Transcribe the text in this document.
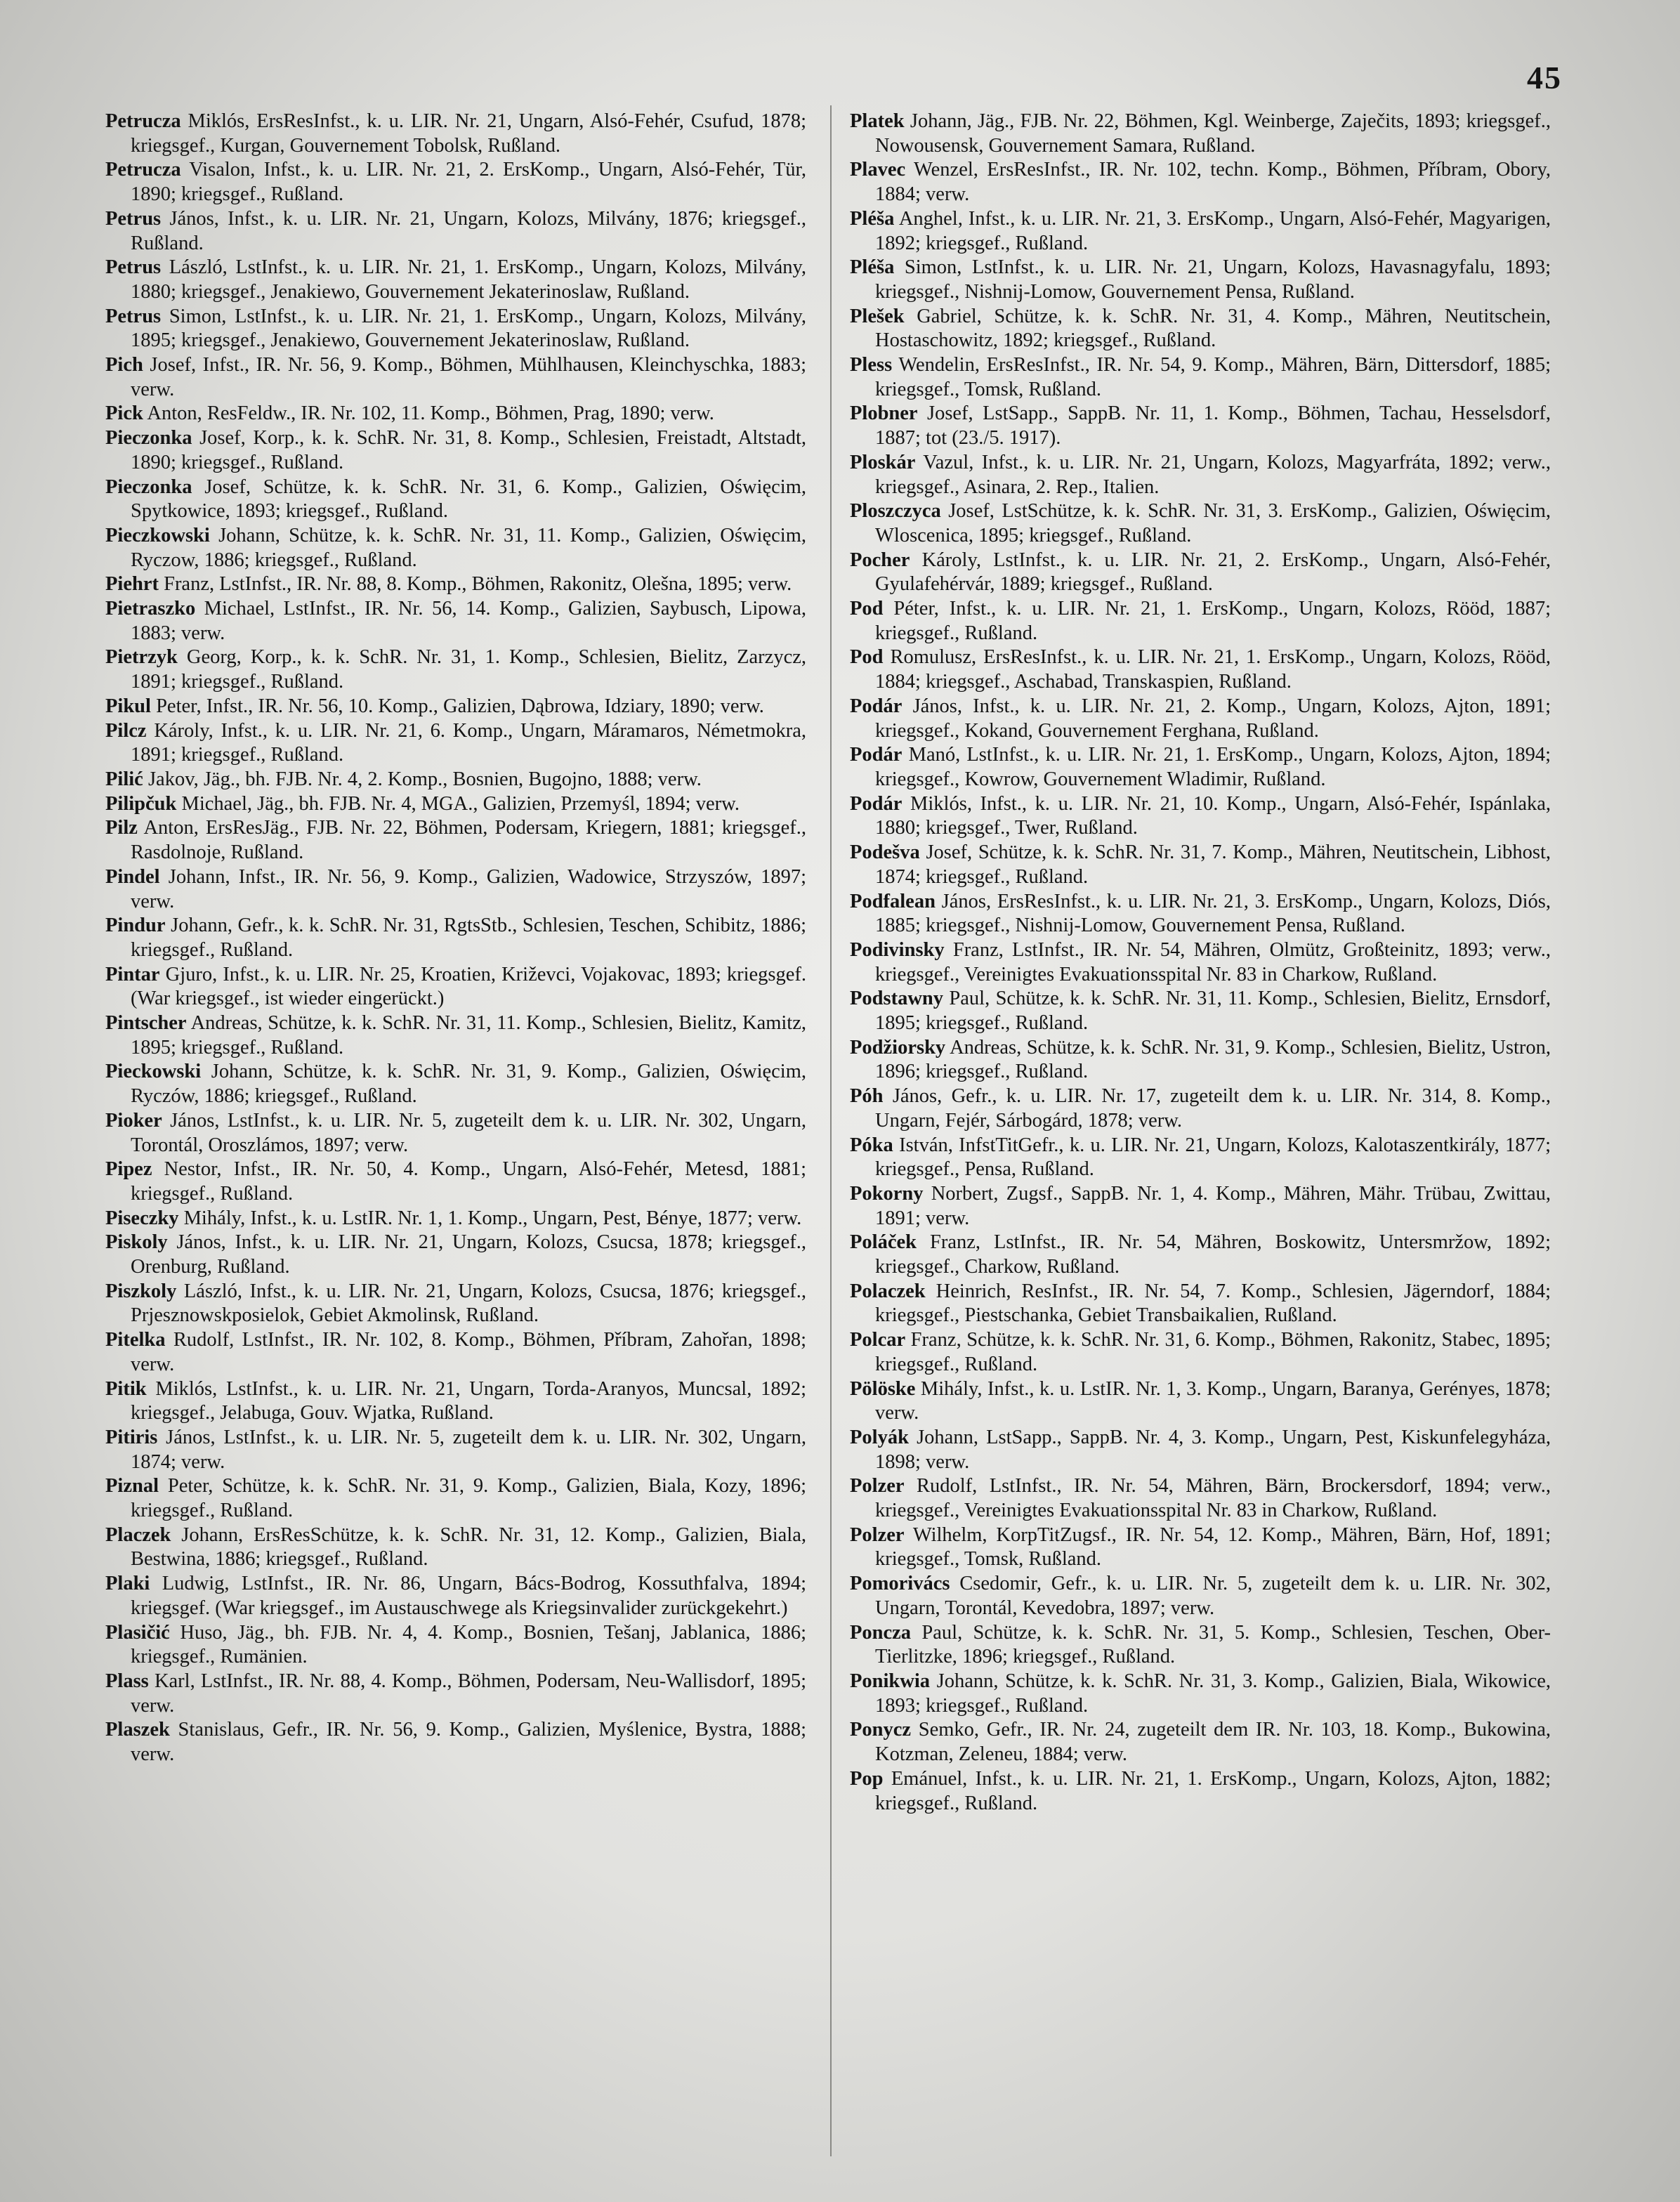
45

Petrucza Miklós, ErsResInfst., k. u. LIR. Nr. 21, Ungarn, Alsó-Fehér, Csufud, 1878; kriegsgef., Kurgan, Gouvernement Tobolsk, Rußland.

Petrucza Visalon, Infst., k. u. LIR. Nr. 21, 2. ErsKomp., Ungarn, Alsó-Fehér, Tür, 1890; kriegsgef., Rußland.

Petrus János, Infst., k. u. LIR. Nr. 21, Ungarn, Kolozs, Milvány, 1876; kriegsgef., Rußland.

Petrus László, LstInfst., k. u. LIR. Nr. 21, 1. ErsKomp., Ungarn, Kolozs, Milvány, 1880; kriegsgef., Jenakiewo, Gouvernement Jekaterinoslaw, Rußland.

Petrus Simon, LstInfst., k. u. LIR. Nr. 21, 1. ErsKomp., Ungarn, Kolozs, Milvány, 1895; kriegsgef., Jenakiewo, Gouvernement Jekaterinoslaw, Rußland.

Pich Josef, Infst., IR. Nr. 56, 9. Komp., Böhmen, Mühlhausen, Kleinchyschka, 1883; verw.

Pick Anton, ResFeldw., IR. Nr. 102, 11. Komp., Böhmen, Prag, 1890; verw.

Pieczonka Josef, Korp., k. k. SchR. Nr. 31, 8. Komp., Schlesien, Freistadt, Altstadt, 1890; kriegsgef., Rußland.

Pieczonka Josef, Schütze, k. k. SchR. Nr. 31, 6. Komp., Galizien, Oświęcim, Spytkowice, 1893; kriegsgef., Rußland.

Pieczkowski Johann, Schütze, k. k. SchR. Nr. 31, 11. Komp., Galizien, Oświęcim, Ryczow, 1886; kriegsgef., Rußland.

Piehrt Franz, LstInfst., IR. Nr. 88, 8. Komp., Böhmen, Rakonitz, Olešna, 1895; verw.

Pietraszko Michael, LstInfst., IR. Nr. 56, 14. Komp., Galizien, Saybusch, Lipowa, 1883; verw.

Pietrzyk Georg, Korp., k. k. SchR. Nr. 31, 1. Komp., Schlesien, Bielitz, Zarzycz, 1891; kriegsgef., Rußland.

Pikul Peter, Infst., IR. Nr. 56, 10. Komp., Galizien, Dąbrowa, Idziary, 1890; verw.

Pilcz Károly, Infst., k. u. LIR. Nr. 21, 6. Komp., Ungarn, Máramaros, Németmokra, 1891; kriegsgef., Rußland.

Pilić Jakov, Jäg., bh. FJB. Nr. 4, 2. Komp., Bosnien, Bugojno, 1888; verw.

Pilipčuk Michael, Jäg., bh. FJB. Nr. 4, MGA., Galizien, Przemyśl, 1894; verw.

Pilz Anton, ErsResJäg., FJB. Nr. 22, Böhmen, Podersam, Kriegern, 1881; kriegsgef., Rasdolnoje, Rußland.

Pindel Johann, Infst., IR. Nr. 56, 9. Komp., Galizien, Wadowice, Strzyszów, 1897; verw.

Pindur Johann, Gefr., k. k. SchR. Nr. 31, RgtsStb., Schlesien, Teschen, Schibitz, 1886; kriegsgef., Rußland.

Pintar Gjuro, Infst., k. u. LIR. Nr. 25, Kroatien, Križevci, Vojakovac, 1893; kriegsgef. (War kriegsgef., ist wieder eingerückt.)

Pintscher Andreas, Schütze, k. k. SchR. Nr. 31, 11. Komp., Schlesien, Bielitz, Kamitz, 1895; kriegsgef., Rußland.

Pieckowski Johann, Schütze, k. k. SchR. Nr. 31, 9. Komp., Galizien, Oświęcim, Ryczów, 1886; kriegsgef., Rußland.

Pioker János, LstInfst., k. u. LIR. Nr. 5, zugeteilt dem k. u. LIR. Nr. 302, Ungarn, Torontál, Oroszlámos, 1897; verw.

Pipez Nestor, Infst., IR. Nr. 50, 4. Komp., Ungarn, Alsó-Fehér, Metesd, 1881; kriegsgef., Rußland.

Piseczky Mihály, Infst., k. u. LstIR. Nr. 1, 1. Komp., Ungarn, Pest, Bénye, 1877; verw.

Piskoly János, Infst., k. u. LIR. Nr. 21, Ungarn, Kolozs, Csucsa, 1878; kriegsgef., Orenburg, Rußland.

Piszkoly László, Infst., k. u. LIR. Nr. 21, Ungarn, Kolozs, Csucsa, 1876; kriegsgef., Prjesznowskposielok, Gebiet Akmolinsk, Rußland.

Pitelka Rudolf, LstInfst., IR. Nr. 102, 8. Komp., Böhmen, Příbram, Zahořan, 1898; verw.

Pitik Miklós, LstInfst., k. u. LIR. Nr. 21, Ungarn, Torda-Aranyos, Muncsal, 1892; kriegsgef., Jelabuga, Gouv. Wjatka, Rußland.

Pitiris János, LstInfst., k. u. LIR. Nr. 5, zugeteilt dem k. u. LIR. Nr. 302, Ungarn, 1874; verw.

Piznal Peter, Schütze, k. k. SchR. Nr. 31, 9. Komp., Galizien, Biala, Kozy, 1896; kriegsgef., Rußland.

Placzek Johann, ErsResSchütze, k. k. SchR. Nr. 31, 12. Komp., Galizien, Biala, Bestwina, 1886; kriegsgef., Rußland.

Plaki Ludwig, LstInfst., IR. Nr. 86, Ungarn, Bács-Bodrog, Kossuthfalva, 1894; kriegsgef. (War kriegsgef., im Austauschwege als Kriegsinvalider zurückgekehrt.)

Plasičić Huso, Jäg., bh. FJB. Nr. 4, 4. Komp., Bosnien, Tešanj, Jablanica, 1886; kriegsgef., Rumänien.

Plass Karl, LstInfst., IR. Nr. 88, 4. Komp., Böhmen, Podersam, Neu-Wallisdorf, 1895; verw.

Plaszek Stanislaus, Gefr., IR. Nr. 56, 9. Komp., Galizien, Myślenice, Bystra, 1888; verw.

Platek Johann, Jäg., FJB. Nr. 22, Böhmen, Kgl. Weinberge, Zaječits, 1893; kriegsgef., Nowousensk, Gouvernement Samara, Rußland.

Plavec Wenzel, ErsResInfst., IR. Nr. 102, techn. Komp., Böhmen, Příbram, Obory, 1884; verw.

Pléša Anghel, Infst., k. u. LIR. Nr. 21, 3. ErsKomp., Ungarn, Alsó-Fehér, Magyarigen, 1892; kriegsgef., Rußland.

Pléša Simon, LstInfst., k. u. LIR. Nr. 21, Ungarn, Kolozs, Havasnagyfalu, 1893; kriegsgef., Nishnij-Lomow, Gouvernement Pensa, Rußland.

Plešek Gabriel, Schütze, k. k. SchR. Nr. 31, 4. Komp., Mähren, Neutitschein, Hostaschowitz, 1892; kriegsgef., Rußland.

Pless Wendelin, ErsResInfst., IR. Nr. 54, 9. Komp., Mähren, Bärn, Dittersdorf, 1885; kriegsgef., Tomsk, Rußland.

Plobner Josef, LstSapp., SappB. Nr. 11, 1. Komp., Böhmen, Tachau, Hesselsdorf, 1887; tot (23./5. 1917).

Ploskár Vazul, Infst., k. u. LIR. Nr. 21, Ungarn, Kolozs, Magyarfráta, 1892; verw., kriegsgef., Asinara, 2. Rep., Italien.

Ploszczyca Josef, LstSchütze, k. k. SchR. Nr. 31, 3. ErsKomp., Galizien, Oświęcim, Wloscenica, 1895; kriegsgef., Rußland.

Pocher Károly, LstInfst., k. u. LIR. Nr. 21, 2. ErsKomp., Ungarn, Alsó-Fehér, Gyulafehérvár, 1889; kriegsgef., Rußland.

Pod Péter, Infst., k. u. LIR. Nr. 21, 1. ErsKomp., Ungarn, Kolozs, Rööd, 1887; kriegsgef., Rußland.

Pod Romulusz, ErsResInfst., k. u. LIR. Nr. 21, 1. ErsKomp., Ungarn, Kolozs, Rööd, 1884; kriegsgef., Aschabad, Transkaspien, Rußland.

Podár János, Infst., k. u. LIR. Nr. 21, 2. Komp., Ungarn, Kolozs, Ajton, 1891; kriegsgef., Kokand, Gouvernement Ferghana, Rußland.

Podár Manó, LstInfst., k. u. LIR. Nr. 21, 1. ErsKomp., Ungarn, Kolozs, Ajton, 1894; kriegsgef., Kowrow, Gouvernement Wladimir, Rußland.

Podár Miklós, Infst., k. u. LIR. Nr. 21, 10. Komp., Ungarn, Alsó-Fehér, Ispánlaka, 1880; kriegsgef., Twer, Rußland.

Podešva Josef, Schütze, k. k. SchR. Nr. 31, 7. Komp., Mähren, Neutitschein, Libhost, 1874; kriegsgef., Rußland.

Podfalean János, ErsResInfst., k. u. LIR. Nr. 21, 3. ErsKomp., Ungarn, Kolozs, Diós, 1885; kriegsgef., Nishnij-Lomow, Gouvernement Pensa, Rußland.

Podivinsky Franz, LstInfst., IR. Nr. 54, Mähren, Olmütz, Großteinitz, 1893; verw., kriegsgef., Vereinigtes Evakuationsspital Nr. 83 in Charkow, Rußland.

Podstawny Paul, Schütze, k. k. SchR. Nr. 31, 11. Komp., Schlesien, Bielitz, Ernsdorf, 1895; kriegsgef., Rußland.

Podžiorsky Andreas, Schütze, k. k. SchR. Nr. 31, 9. Komp., Schlesien, Bielitz, Ustron, 1896; kriegsgef., Rußland.

Póh János, Gefr., k. u. LIR. Nr. 17, zugeteilt dem k. u. LIR. Nr. 314, 8. Komp., Ungarn, Fejér, Sárbogárd, 1878; verw.

Póka István, InfstTitGefr., k. u. LIR. Nr. 21, Ungarn, Kolozs, Kalotaszentkirály, 1877; kriegsgef., Pensa, Rußland.

Pokorny Norbert, Zugsf., SappB. Nr. 1, 4. Komp., Mähren, Mähr. Trübau, Zwittau, 1891; verw.

Poláček Franz, LstInfst., IR. Nr. 54, Mähren, Boskowitz, Untersmržow, 1892; kriegsgef., Charkow, Rußland.

Polaczek Heinrich, ResInfst., IR. Nr. 54, 7. Komp., Schlesien, Jägerndorf, 1884; kriegsgef., Piestschanka, Gebiet Transbaikalien, Rußland.

Polcar Franz, Schütze, k. k. SchR. Nr. 31, 6. Komp., Böhmen, Rakonitz, Stabec, 1895; kriegsgef., Rußland.

Pölöske Mihály, Infst., k. u. LstIR. Nr. 1, 3. Komp., Ungarn, Baranya, Gerényes, 1878; verw.

Polyák Johann, LstSapp., SappB. Nr. 4, 3. Komp., Ungarn, Pest, Kiskunfelegyháza, 1898; verw.

Polzer Rudolf, LstInfst., IR. Nr. 54, Mähren, Bärn, Brockersdorf, 1894; verw., kriegsgef., Vereinigtes Evakuationsspital Nr. 83 in Charkow, Rußland.

Polzer Wilhelm, KorpTitZugsf., IR. Nr. 54, 12. Komp., Mähren, Bärn, Hof, 1891; kriegsgef., Tomsk, Rußland.

Pomorivács Csedomir, Gefr., k. u. LIR. Nr. 5, zugeteilt dem k. u. LIR. Nr. 302, Ungarn, Torontál, Kevedobra, 1897; verw.

Poncza Paul, Schütze, k. k. SchR. Nr. 31, 5. Komp., Schlesien, Teschen, Ober-Tierlitzke, 1896; kriegsgef., Rußland.

Ponikwia Johann, Schütze, k. k. SchR. Nr. 31, 3. Komp., Galizien, Biala, Wikowice, 1893; kriegsgef., Rußland.

Ponycz Semko, Gefr., IR. Nr. 24, zugeteilt dem IR. Nr. 103, 18. Komp., Bukowina, Kotzman, Zeleneu, 1884; verw.

Pop Emánuel, Infst., k. u. LIR. Nr. 21, 1. ErsKomp., Ungarn, Kolozs, Ajton, 1882; kriegsgef., Rußland.
